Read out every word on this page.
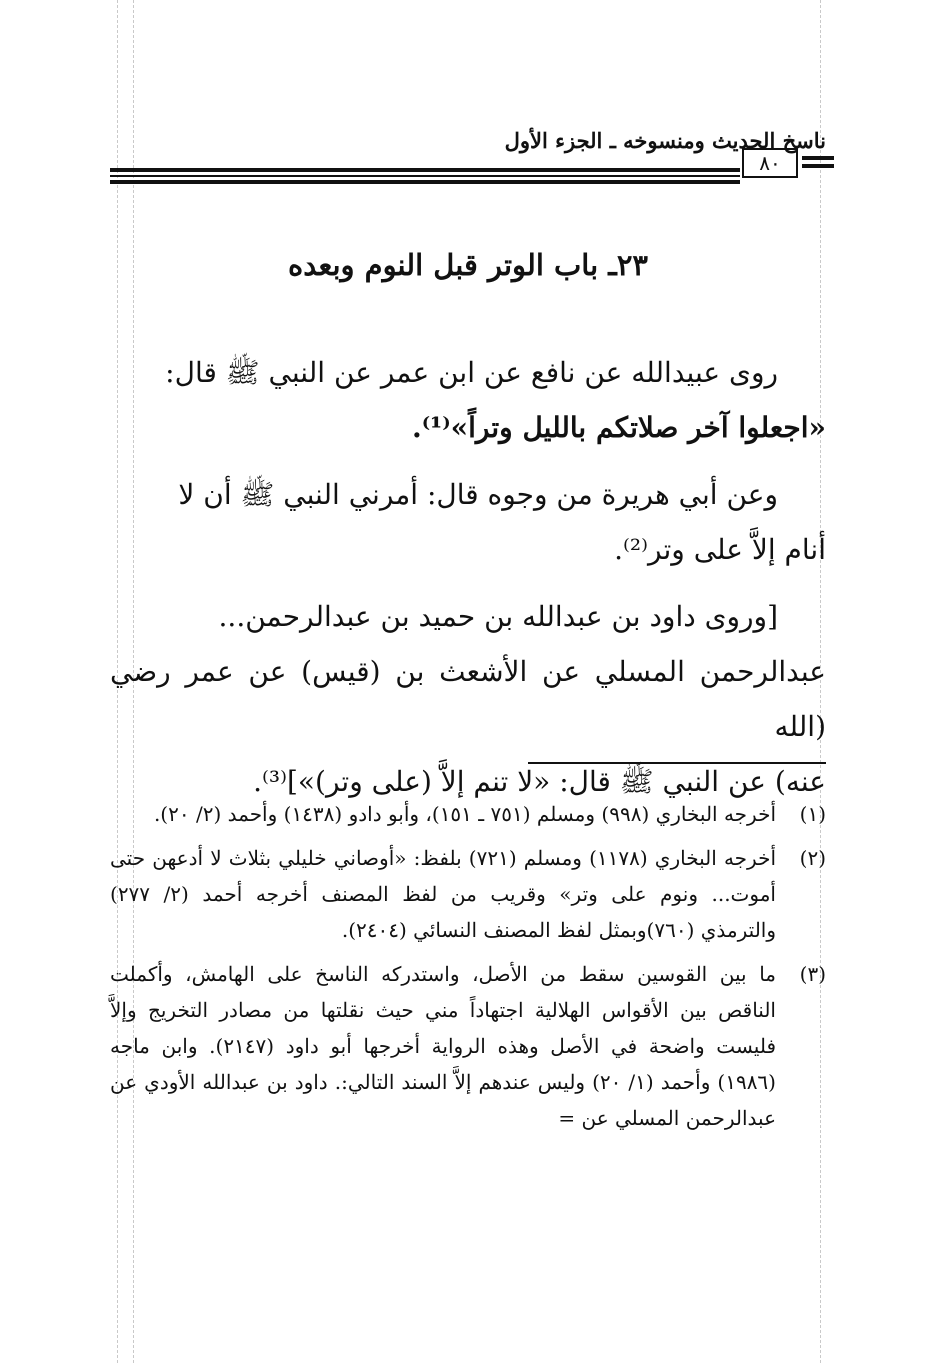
ناسخ الحديث ومنسوخه ـ الجزء الأول
٨٠
٢٣ـ باب الوتر قبل النوم وبعده

روى عبيدالله عن نافع عن ابن عمر عن النبي ﷺ قال:
«اجعلوا آخر صلاتكم بالليل وتراً»⁽¹⁾.

وعن أبي هريرة من وجوه قال: أمرني النبي ﷺ أن لا
أنام إلاَّ على وتر⁽²⁾.

[وروى داود بن عبدالله بن حميد بن عبدالرحمن...
عبدالرحمن المسلي عن الأشعث بن (قيس) عن عمر رضي (الله
عنه) عن النبي ﷺ قال: «لا تنم إلاَّ (على وتر)»]⁽³⁾.

(١)
أخرجه البخاري (٩٩٨) ومسلم (٧٥١ ـ ١٥١)، وأبو دادو (١٤٣٨) وأحمد (٢/ ٢٠).
(٢)
أخرجه البخاري (١١٧٨) ومسلم (٧٢١) بلفظ: «أوصاني خليلي بثلاث لا أدعهن حتى أموت... ونوم على وتر» وقريب من لفظ المصنف أخرجه أحمد (٢/ ٢٧٧) والترمذي (٧٦٠)وبمثل لفظ المصنف النسائي (٢٤٠٤).
(٣)
ما بين القوسين سقط من الأصل، واستدركه الناسخ على الهامش، وأكملت الناقص بين الأقواس الهلالية اجتهاداً مني حيث نقلتها من مصادر التخريج وإلاَّ فليست واضحة في الأصل وهذه الرواية أخرجها أبو داود (٢١٤٧). وابن ماجه (١٩٨٦) وأحمد (١/ ٢٠) وليس عندهم إلاَّ السند التالي:. داود بن عبدالله الأودي عن عبدالرحمن المسلي عن =
